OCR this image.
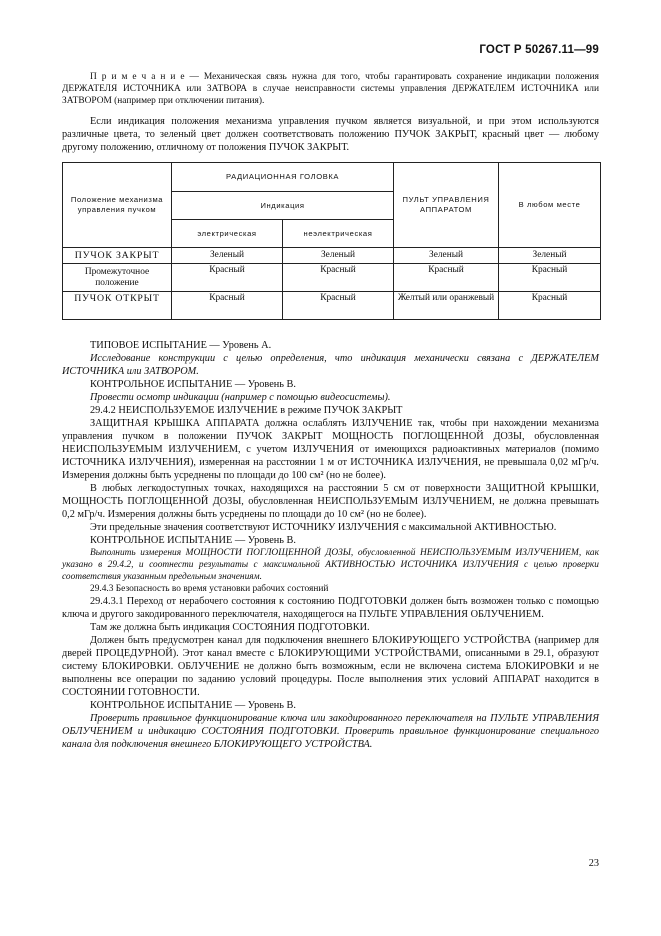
ГОСТ Р 50267.11—99
П р и м е ч а н и е — Механическая связь нужна для того, чтобы гарантировать сохранение индикации положения ДЕРЖАТЕЛЯ ИСТОЧНИКА или ЗАТВОРА в случае неисправности системы управления ДЕРЖАТЕЛЕМ ИСТОЧНИКА или ЗАТВОРОМ (например при отключении питания).
Если индикация положения механизма управления пучком является визуальной, и при этом используются различные цвета, то зеленый цвет должен соответствовать положению ПУЧОК ЗАКРЫТ, красный цвет — любому другому положению, отличному от положения ПУЧОК ЗАКРЫТ.
Положение механизма управления пучком	РАДИАЦИОННАЯ ГОЛОВКА		ПУЛЬТ УПРАВЛЕНИЯ АППАРАТОМ	В любом месте
	Индикация			
	электрическая	неэлектрическая		
ПУЧОК ЗАКРЫТ	Зеленый	Зеленый	Зеленый	Зеленый
Промежуточное положение	Красный	Красный	Красный	Красный
ПУЧОК ОТКРЫТ	Красный	Красный	Желтый или оранжевый	Красный

ТИПОВОЕ ИСПЫТАНИЕ — Уровень А.

Исследование конструкции с целью определения, что индикация механически связана с ДЕРЖАТЕЛЕМ ИСТОЧНИКА или ЗАТВОРОМ.

КОНТРОЛЬНОЕ ИСПЫТАНИЕ — Уровень В.

Провести осмотр индикации (например с помощью видеосистемы).

29.4.2 НЕИСПОЛЬЗУЕМОЕ ИЗЛУЧЕНИЕ в режиме ПУЧОК ЗАКРЫТ

ЗАЩИТНАЯ КРЫШКА АППАРАТА должна ослаблять ИЗЛУЧЕНИЕ так, чтобы при нахождении механизма управления пучком в положении ПУЧОК ЗАКРЫТ МОЩНОСТЬ ПОГЛОЩЕННОЙ ДОЗЫ, обусловленная НЕИСПОЛЬЗУЕМЫМ ИЗЛУЧЕНИЕМ, с учетом ИЗЛУЧЕНИЯ от имеющихся радиоактивных материалов (помимо ИСТОЧНИКА ИЗЛУЧЕНИЯ), измеренная на расстоянии 1 м от ИСТОЧНИКА ИЗЛУЧЕНИЯ, не превышала 0,02 мГр/ч. Измерения должны быть усреднены по площади до 100 см² (но не более).

В любых легкодоступных точках, находящихся на расстоянии 5 см от поверхности ЗАЩИТНОЙ КРЫШКИ, МОЩНОСТЬ ПОГЛОЩЕННОЙ ДОЗЫ, обусловленная НЕИСПОЛЬЗУЕМЫМ ИЗЛУЧЕНИЕМ, не должна превышать 0,2 мГр/ч. Измерения должны быть усреднены по площади до 10 см² (но не более).

Эти предельные значения соответствуют ИСТОЧНИКУ ИЗЛУЧЕНИЯ с максимальной АКТИВНОСТЬЮ.

КОНТРОЛЬНОЕ ИСПЫТАНИЕ — Уровень В.

Выполнить измерения МОЩНОСТИ ПОГЛОЩЕННОЙ ДОЗЫ, обусловленной НЕИСПОЛЬЗУЕМЫМ ИЗЛУЧЕНИЕМ, как указано в 29.4.2, и соотнести результаты с максимальной АКТИВНОСТЬЮ ИСТОЧНИКА ИЗЛУЧЕНИЯ с целью проверки соответствия указанным предельным значениям.

29.4.3 Безопасность во время установки рабочих состояний

29.4.3.1 Переход от нерабочего состояния к состоянию ПОДГОТОВКИ должен быть возможен только с помощью ключа и другого закодированного переключателя, находящегося на ПУЛЬТЕ УПРАВЛЕНИЯ ОБЛУЧЕНИЕМ.

Там же должна быть индикация СОСТОЯНИЯ ПОДГОТОВКИ.

Должен быть предусмотрен канал для подключения внешнего БЛОКИРУЮЩЕГО УСТРОЙСТВА (например для дверей ПРОЦЕДУРНОЙ). Этот канал вместе с БЛОКИРУЮЩИМИ УСТРОЙСТВАМИ, описанными в 29.1, образуют систему БЛОКИРОВКИ. ОБЛУЧЕНИЕ не должно быть возможным, если не включена система БЛОКИРОВКИ и не выполнены все операции по заданию условий процедуры. После выполнения этих условий АППАРАТ находится в СОСТОЯНИИ ГОТОВНОСТИ.

КОНТРОЛЬНОЕ ИСПЫТАНИЕ — Уровень В.

Проверить правильное функционирование ключа или закодированного переключателя на ПУЛЬТЕ УПРАВЛЕНИЯ ОБЛУЧЕНИЕМ и индикацию СОСТОЯНИЯ ПОДГОТОВКИ. Проверить правильное функционирование специального канала для подключения внешнего БЛОКИРУЮЩЕГО УСТРОЙСТВА.

23
